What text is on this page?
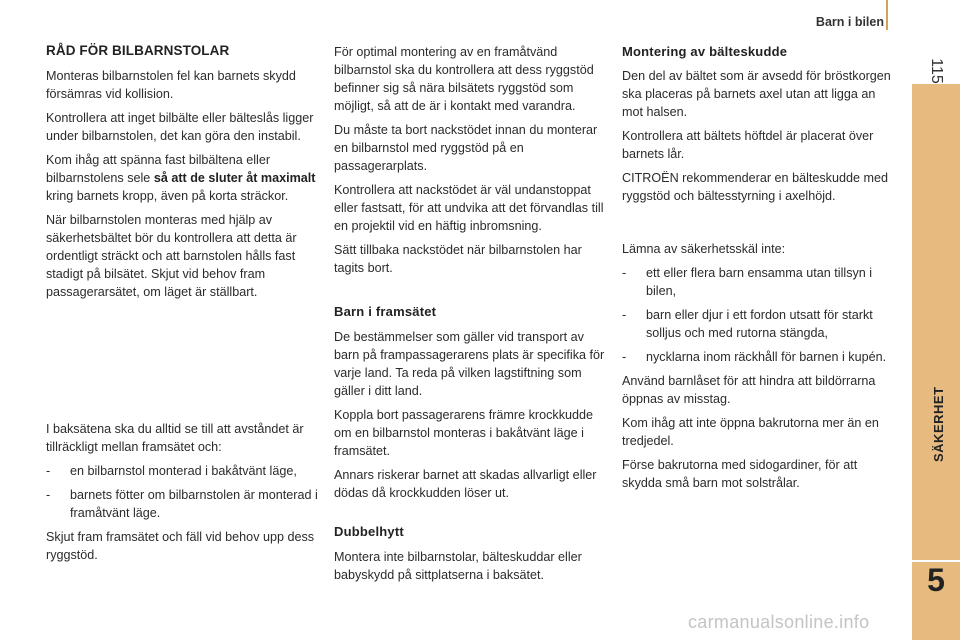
Barn i bilen
115
SÄKERHET
5
RÅD FÖR BILBARNSTOLAR

Monteras bilbarnstolen fel kan barnets skydd försämras vid kollision.

Kontrollera att inget bilbälte eller bälteslås ligger under bilbarnstolen, det kan göra den instabil.

Kom ihåg att spänna fast bilbältena eller bilbarnstolens sele så att de sluter åt maximalt kring barnets kropp, även på korta sträckor.

När bilbarnstolen monteras med hjälp av säkerhetsbältet bör du kontrollera att detta är ordentligt sträckt och att barnstolen hålls fast stadigt på bilsätet. Skjut vid behov fram passagerarsätet, om läget är ställbart.

I baksätena ska du alltid se till att avståndet är tillräckligt mellan framsätet och:

- en bilbarnstol monterad i bakåtvänt läge,
- barnets fötter om bilbarnstolen är monterad i framåtvänt läge.

Skjut fram framsätet och fäll vid behov upp dess ryggstöd.

För optimal montering av en framåtvänd bilbarnstol ska du kontrollera att dess ryggstöd befinner sig så nära bilsätets ryggstöd som möjligt, så att de är i kontakt med varandra.

Du måste ta bort nackstödet innan du monterar en bilbarnstol med ryggstöd på en passagerarplats.

Kontrollera att nackstödet är väl undanstoppat eller fastsatt, för att undvika att det förvandlas till en projektil vid en häftig inbromsning.

Sätt tillbaka nackstödet när bilbarnstolen har tagits bort.

Barn i framsätet

De bestämmelser som gäller vid transport av barn på frampassagerarens plats är specifika för varje land. Ta reda på vilken lagstiftning som gäller i ditt land.

Koppla bort passagerarens främre krockkudde om en bilbarnstol monteras i bakåtvänt läge i framsätet.

Annars riskerar barnet att skadas allvarligt eller dödas då krockkudden löser ut.

Dubbelhytt

Montera inte bilbarnstolar, bälteskuddar eller babyskydd på sittplatserna i baksätet.

Montering av bälteskudde

Den del av bältet som är avsedd för bröstkorgen ska placeras på barnets axel utan att ligga an mot halsen.

Kontrollera att bältets höftdel är placerat över barnets lår.

CITROËN rekommenderar en bälteskudde med ryggstöd och bältesstyrning i axelhöjd.

Lämna av säkerhetsskäl inte:

- ett eller flera barn ensamma utan tillsyn i bilen,
- barn eller djur i ett fordon utsatt för starkt solljus och med rutorna stängda,
- nycklarna inom räckhåll för barnen i kupén.

Använd barnlåset för att hindra att bildörrarna öppnas av misstag.

Kom ihåg att inte öppna bakrutorna mer än en tredjedel.

Förse bakrutorna med sidogardiner, för att skydda små barn mot solstrålar.

carmanualsonline.info
